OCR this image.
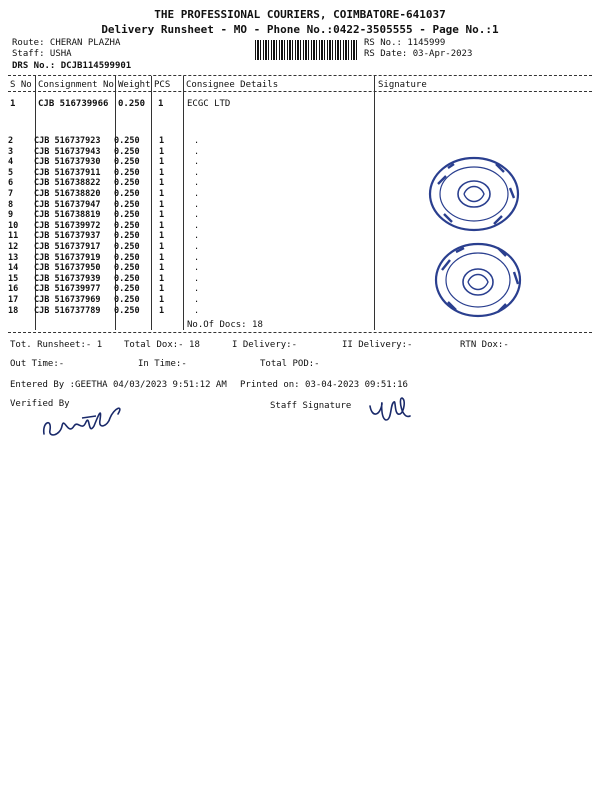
THE PROFESSIONAL COURIERS, COIMBATORE-641037
Delivery Runsheet - MO - Phone No.:0422-3505555 - Page No.:1
Route: CHERAN PLAZHA
Staff: USHA
DRS No.: DCJB114599901
RS No.: 1145999
RS Date: 03-Apr-2023
S No Consignment No Weight PCS Consignee Details	Signature
1	CJB 516739966 0.250 1	ECGC LTD
2	CJB 516737923	0.250	1	.
3	CJB 516737943	0.250	1	.
4	CJB 516737930	0.250	1	.
5	CJB 516737911	0.250	1	.
6	CJB 516738822	0.250	1	.
7	CJB 516738820	0.250	1	.
8	CJB 516737947	0.250	1	.
9	CJB 516738819	0.250	1	.
10	CJB 516739972	0.250	1	.
11	CJB 516737937	0.250	1	.
12	CJB 516737917	0.250	1	.
13	CJB 516737919	0.250	1	.
14	CJB 516737950	0.250	1	.
15	CJB 516737939	0.250	1	.
16	CJB 516739977	0.250	1	.
17	CJB 516737969	0.250	1	.
18	CJB 516737789	0.250	1	.
No.Of Docs: 18
Tot. Runsheet:- 1 Total Dox:- 18	I Delivery:-	II Delivery:-	RTN Dox:-
Out Time:-	In Time:-	Total POD:-
Entered By :GEETHA 04/03/2023 9:51:12 AM Printed on: 03-04-2023 09:51:16
Verified By	Staff Signature
